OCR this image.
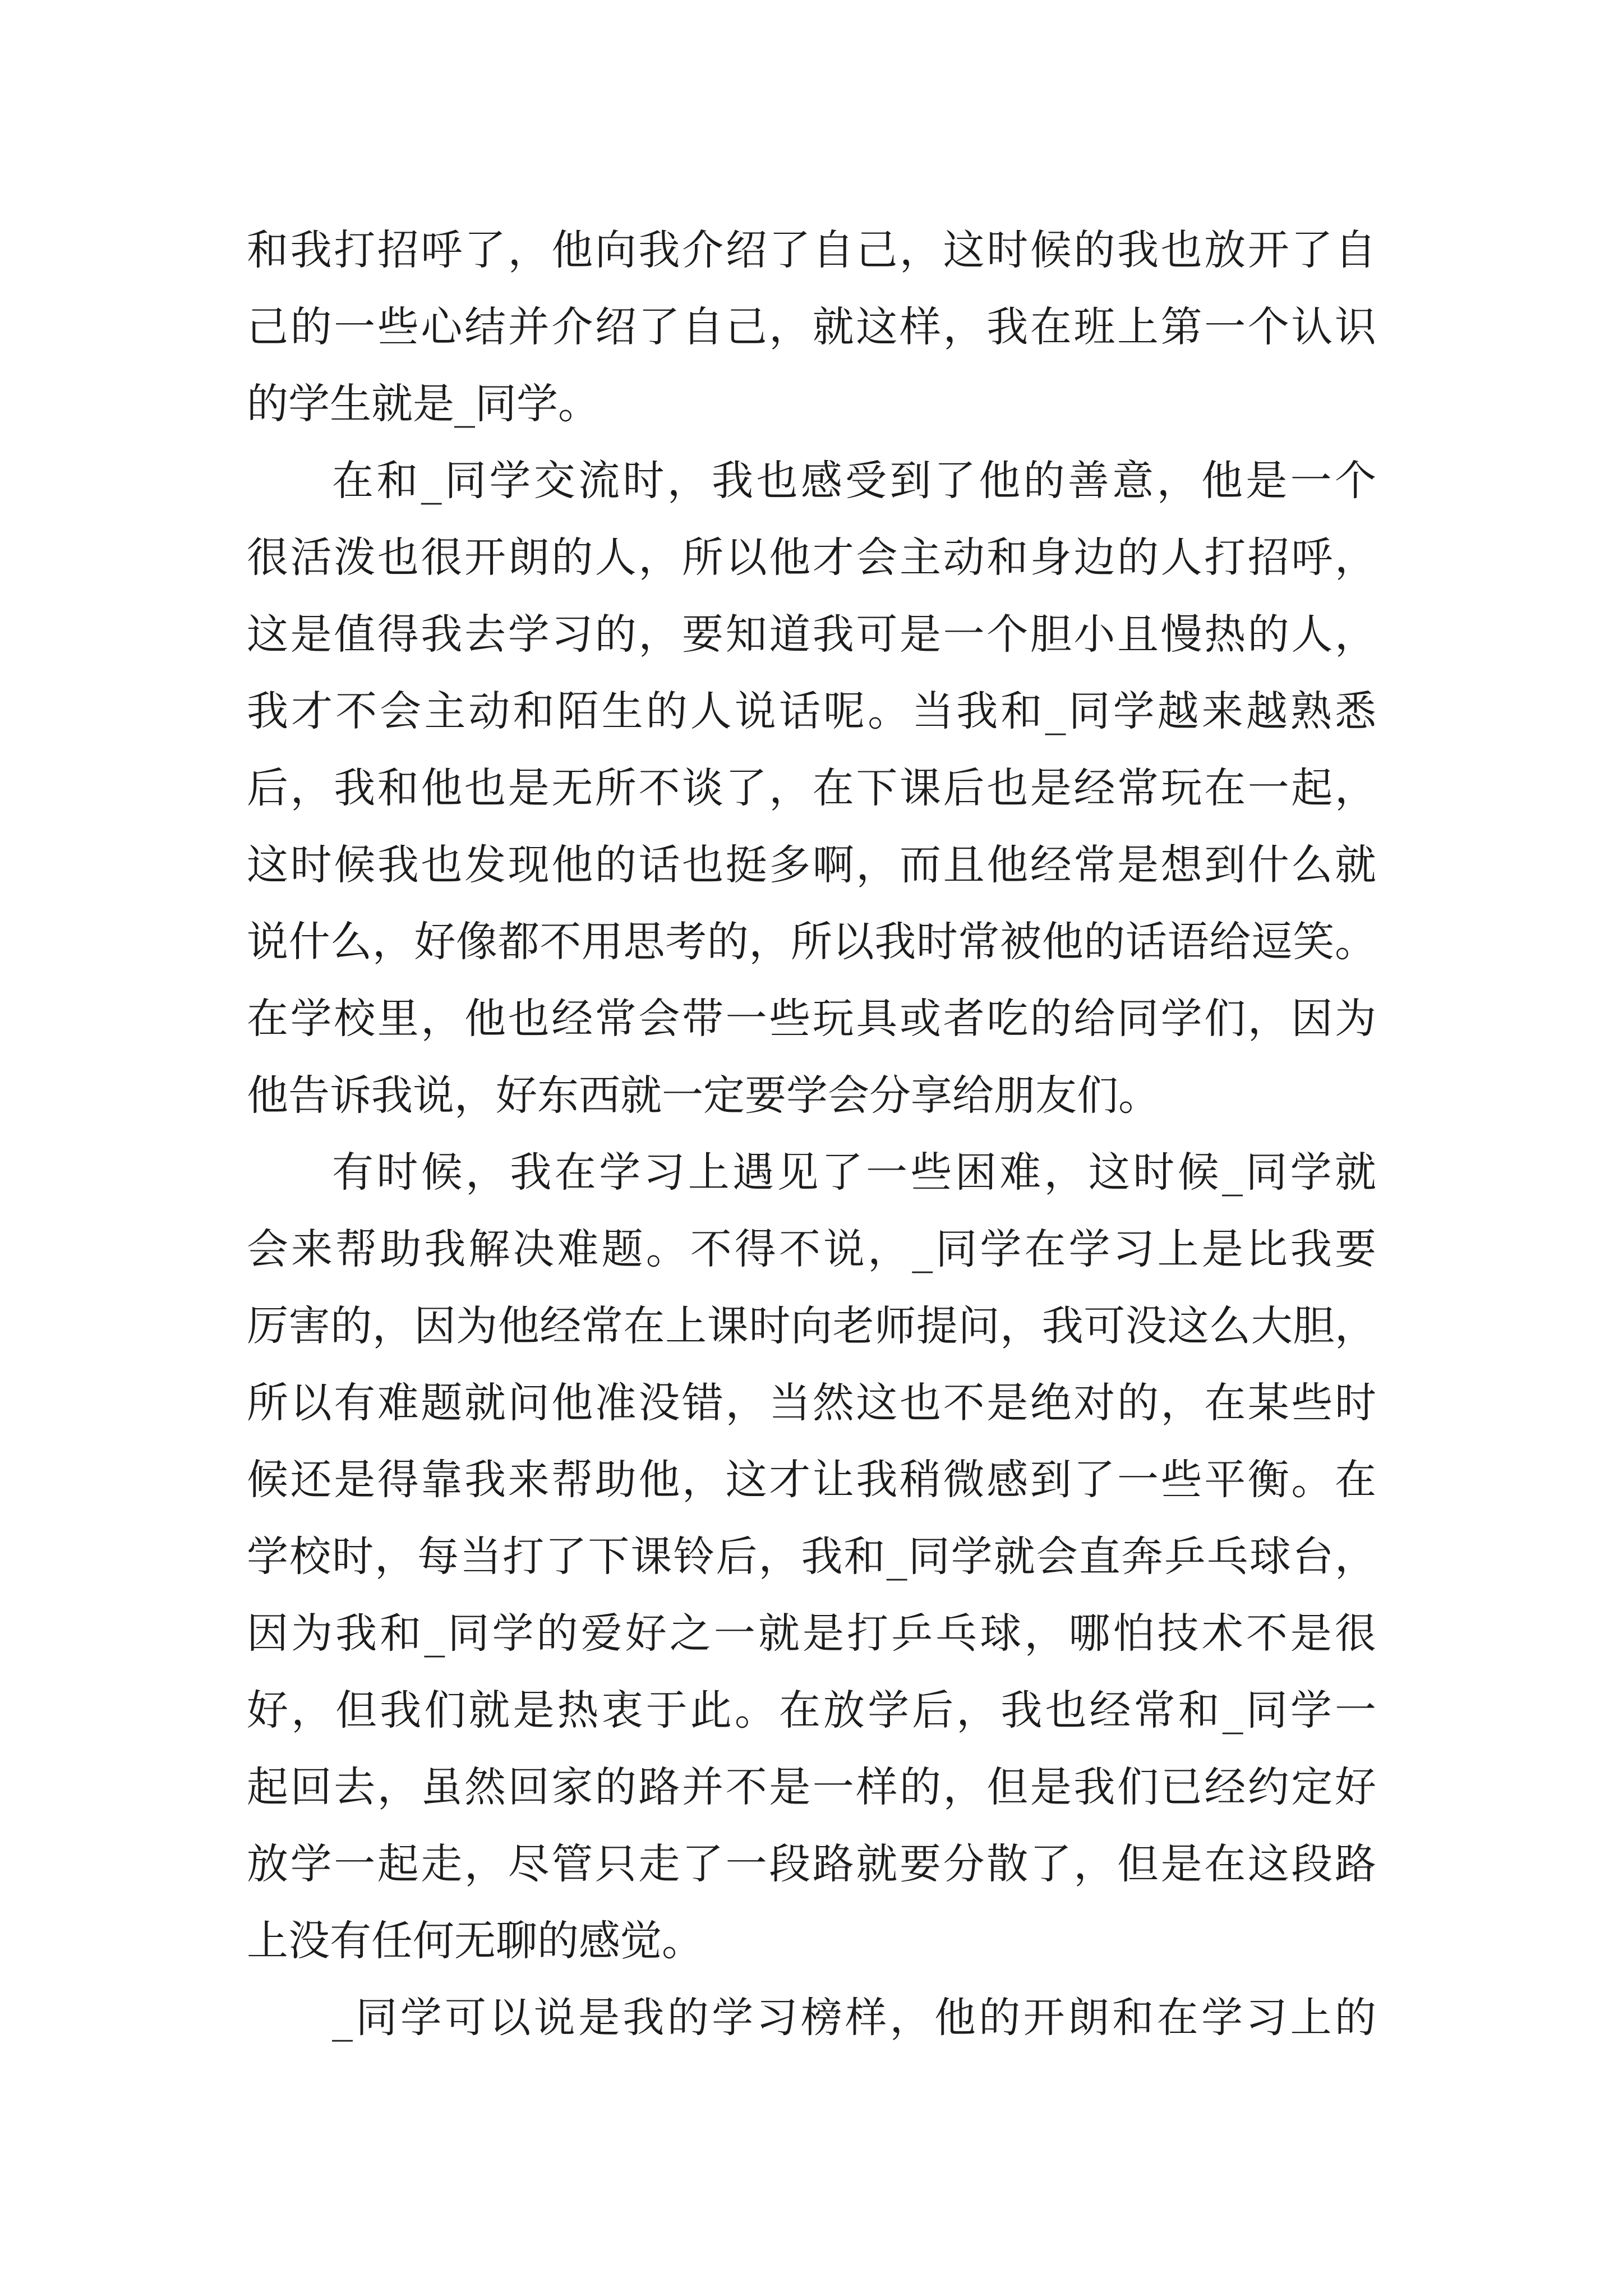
和我打招呼了，他向我介绍了自己，这时候的我也放开了自
己的一些心结并介绍了自己，就这样，我在班上第一个认识
的学生就是_同学。
在和_同学交流时，我也感受到了他的善意，他是一个
很活泼也很开朗的人，所以他才会主动和身边的人打招呼，
这是值得我去学习的，要知道我可是一个胆小且慢热的人，
我才不会主动和陌生的人说话呢。当我和_同学越来越熟悉
后，我和他也是无所不谈了，在下课后也是经常玩在一起，
这时候我也发现他的话也挺多啊，而且他经常是想到什么就
说什么，好像都不用思考的，所以我时常被他的话语给逗笑。
在学校里，他也经常会带一些玩具或者吃的给同学们，因为
他告诉我说，好东西就一定要学会分享给朋友们。
有时候，我在学习上遇见了一些困难，这时候_同学就
会来帮助我解决难题。不得不说，_同学在学习上是比我要
厉害的，因为他经常在上课时向老师提问，我可没这么大胆，
所以有难题就问他准没错，当然这也不是绝对的，在某些时
候还是得靠我来帮助他，这才让我稍微感到了一些平衡。在
学校时，每当打了下课铃后，我和_同学就会直奔乒乓球台，
因为我和_同学的爱好之一就是打乒乓球，哪怕技术不是很
好，但我们就是热衷于此。在放学后，我也经常和_同学一
起回去，虽然回家的路并不是一样的，但是我们已经约定好
放学一起走，尽管只走了一段路就要分散了，但是在这段路
上没有任何无聊的感觉。
_同学可以说是我的学习榜样，他的开朗和在学习上的
